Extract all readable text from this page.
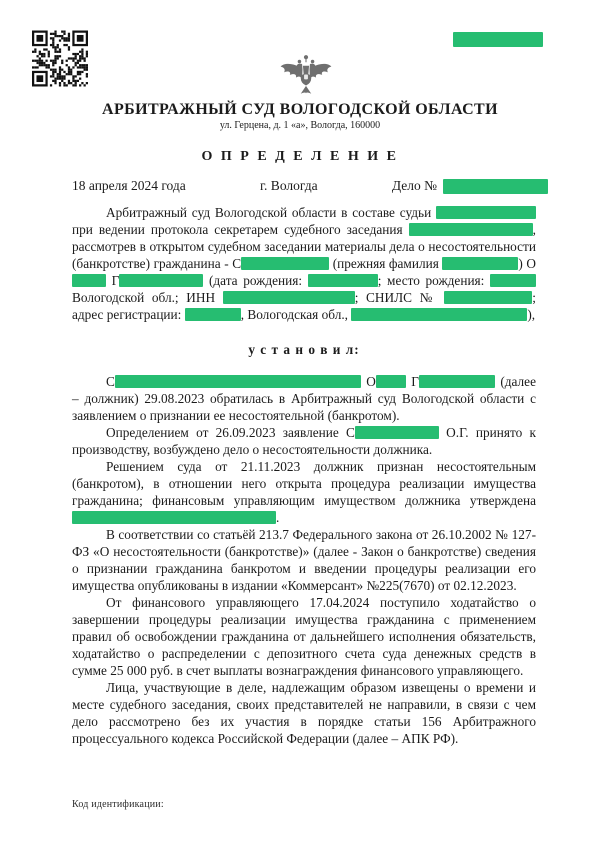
АРБИТРАЖНЫЙ СУД ВОЛОГОДСКОЙ ОБЛАСТИ
ул. Герцена, д. 1 «а», Вологда, 160000
О П Р Е Д Е Л Е Н И Е
18 апреля 2024 года	г. Вологда	Дело №

Арбитражный суд Вологодской области в составе судьи  при ведении протокола секретарем судебного заседания	, рассмотрев в открытом судебном заседании материалы дела о несостоятельности (банкротстве) гражданина - С	(прежняя фамилия	) О Г	(дата рождения:	; место рождения:  Вологодской обл.; ИНН	; СНИЛС №	; адрес регистрации:	, Вологодская обл.,	),

у с т а н о в и л:

С	О Г	(далее – должник) 29.08.2023 обратилась в Арбитражный суд Вологодской области с заявлением о признании ее несостоятельной (банкротом).

Определением от 26.09.2023 заявление С	О.Г. принято к производству, возбуждено дело о несостоятельности должника.

Решением суда от 21.11.2023 должник признан несостоятельным (банкротом), в отношении него открыта процедура реализации имущества гражданина; финансовым управляющим имуществом должника утверждена .

В соответствии со статьёй 213.7 Федерального закона от 26.10.2002 № 127-ФЗ «О несостоятельности (банкротстве)» (далее - Закон о банкротстве) сведения о признании гражданина банкротом и введении процедуры реализации его имущества опубликованы в издании «Коммерсант» №225(7670) от 02.12.2023.

От финансового управляющего 17.04.2024 поступило ходатайство о завершении процедуры реализации имущества гражданина с применением правил об освобождении гражданина от дальнейшего исполнения обязательств, ходатайство о распределении с депозитного счета суда денежных средств в сумме 25 000 руб. в счет выплаты вознаграждения финансового управляющего.

Лица, участвующие в деле, надлежащим образом извещены о времени и месте судебного заседания, своих представителей не направили, в связи с чем дело рассмотрено без их участия в порядке статьи 156 Арбитражного процессуального кодекса Российской Федерации (далее – АПК РФ).

Код идентификации:
